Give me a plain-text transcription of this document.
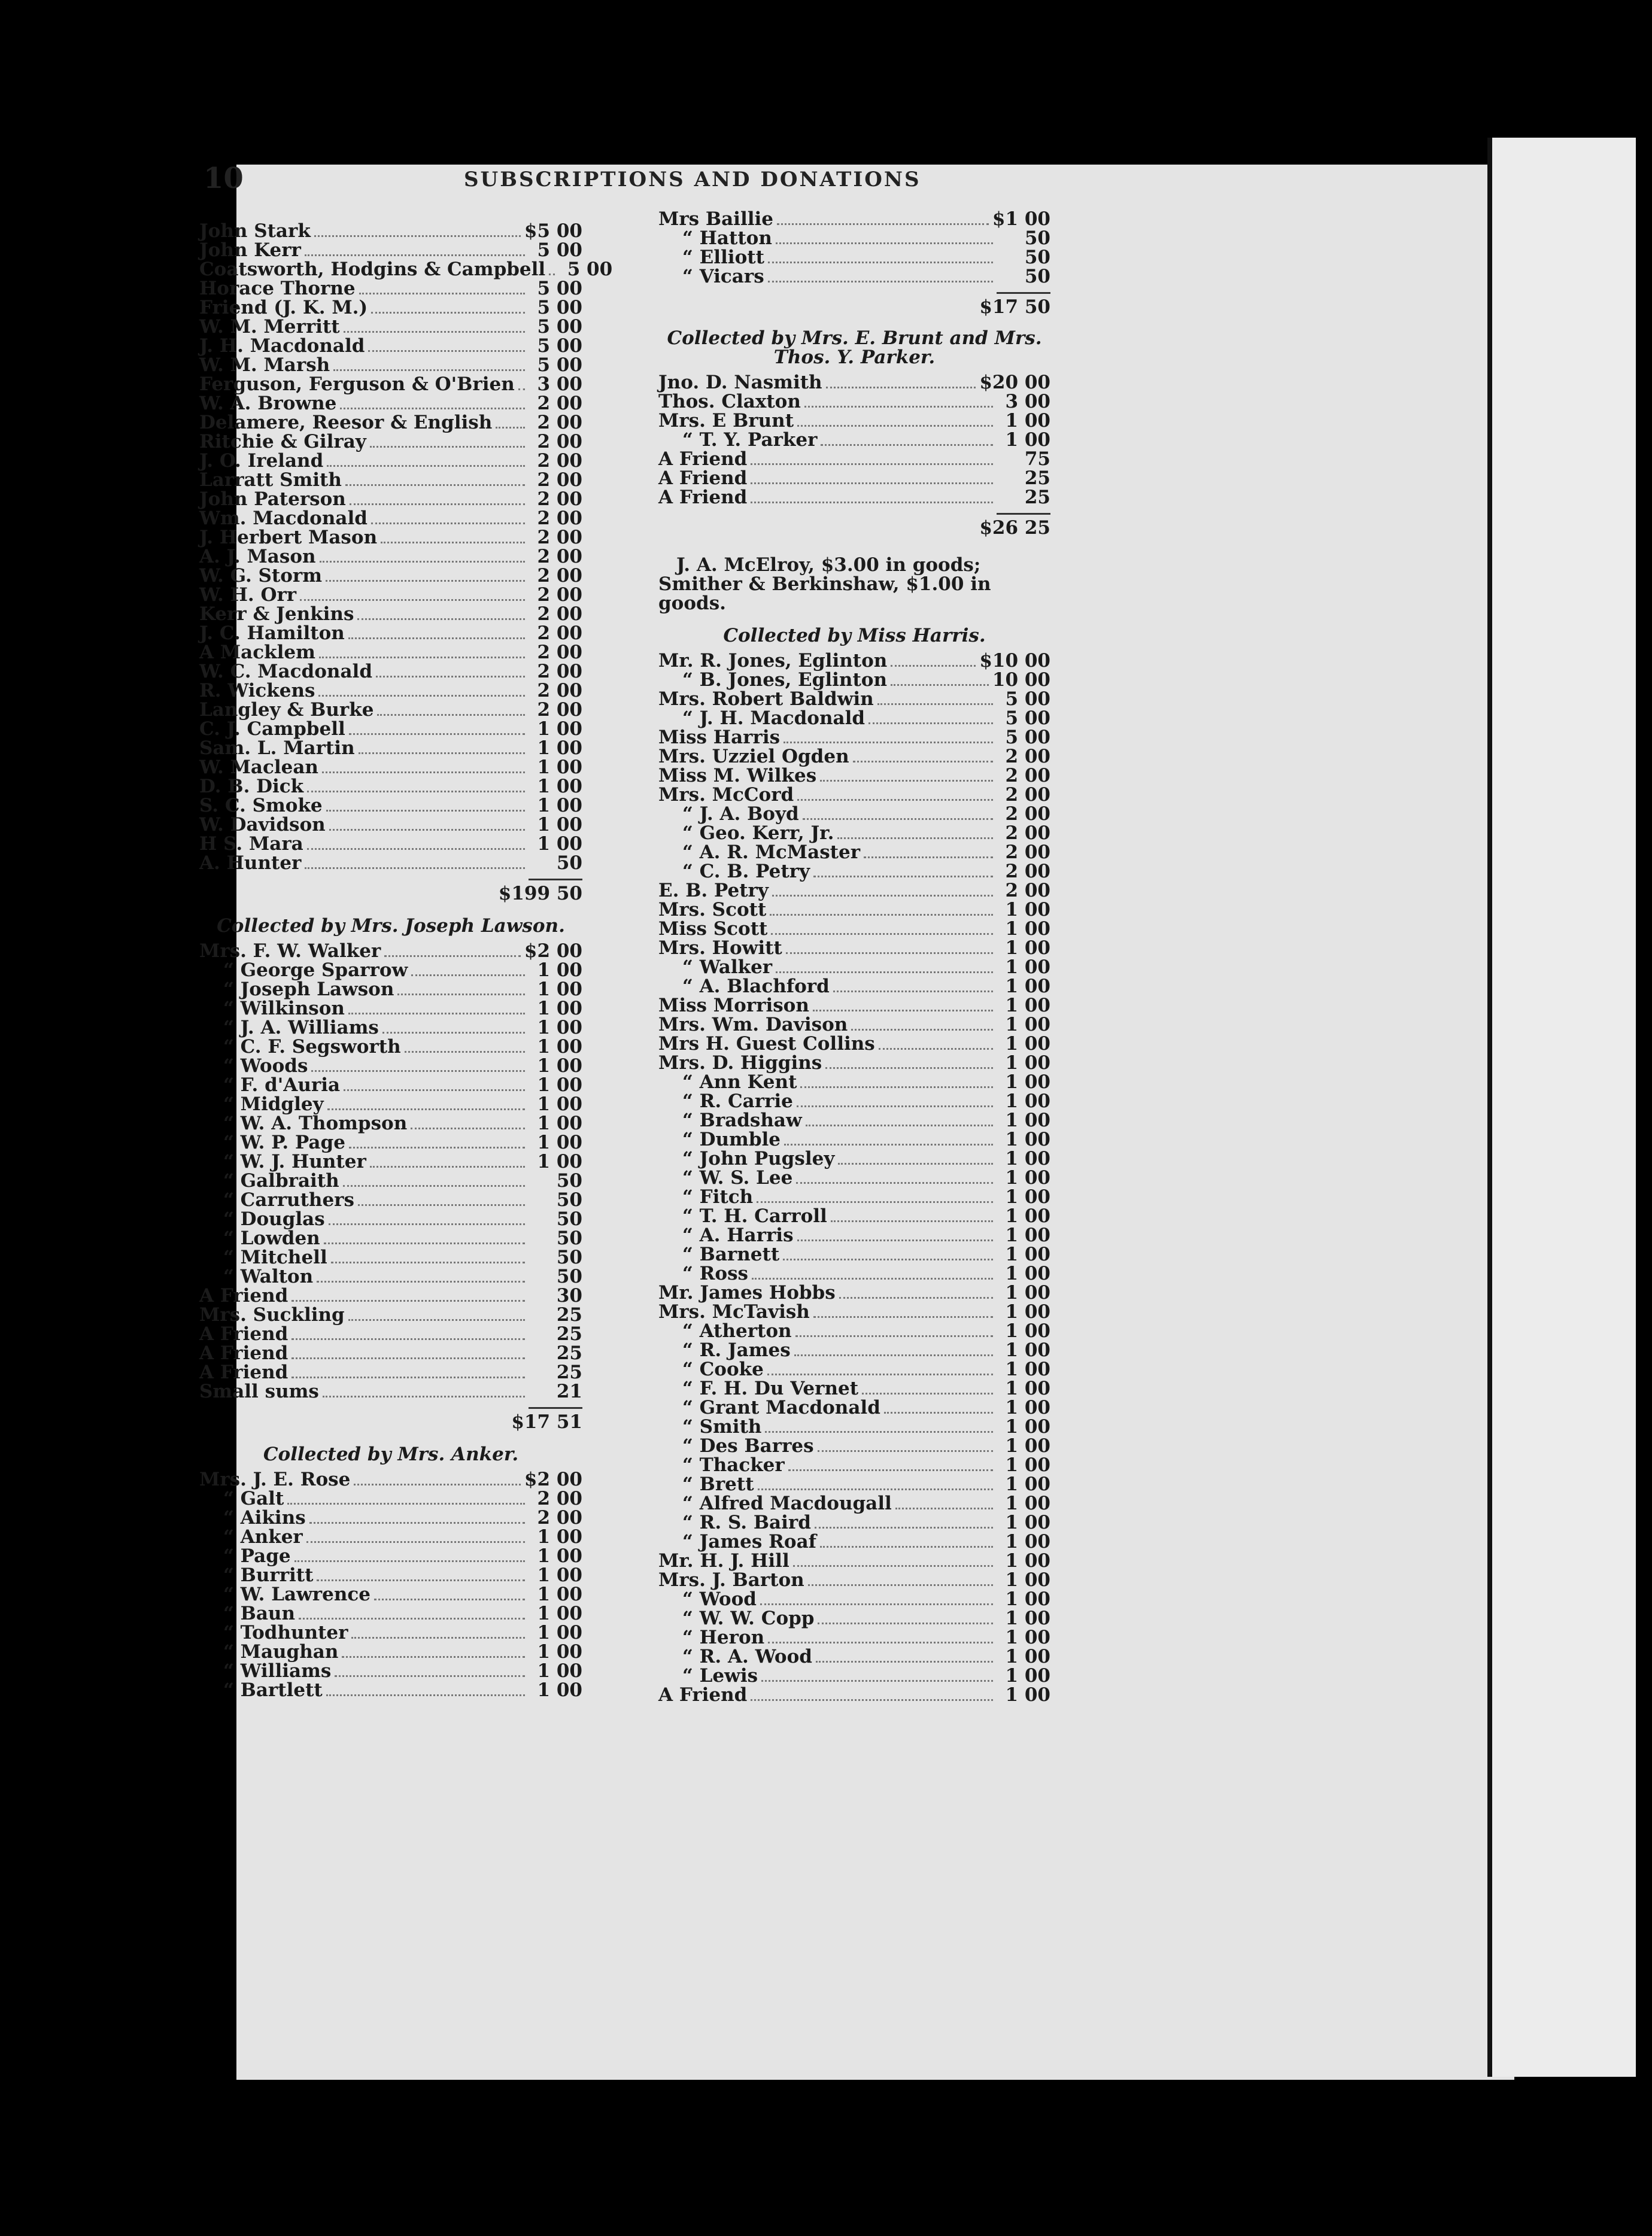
10	SUBSCRIPTIONS AND DONATIONS
John Stark	$5 00
John Kerr	5 00
Coatsworth, Hodgins & Campbell	5 00
Horace Thorne	5 00
Friend (J. K. M.)	5 00
W. M. Merritt	5 00
J. H. Macdonald	5 00
W. M. Marsh	5 00
Ferguson, Ferguson & O'Brien	3 00
W. A. Browne	2 00
Delamere, Reesor & English	2 00
Ritchie & Gilray	2 00
J. O. Ireland	2 00
Larratt Smith	2 00
John Paterson	2 00
Wm. Macdonald	2 00
J. Herbert Mason	2 00
A. J. Mason	2 00
W. G. Storm	2 00
W. H. Orr	2 00
Kerr & Jenkins	2 00
J. C. Hamilton	2 00
A Macklem	2 00
W. C. Macdonald	2 00
R. Wickens	2 00
Langley & Burke	2 00
C. J. Campbell	1 00
Sam. L. Martin	1 00
W. Maclean	1 00
D. B. Dick	1 00
S. C. Smoke	1 00
W. Davidson	1 00
H S. Mara	1 00
A. Hunter	50
$199 50
Collected by Mrs. Joseph Lawson.
Mrs. F. W. Walker	$2 00
“ George Sparrow	1 00
“ Joseph Lawson	1 00
“ Wilkinson	1 00
“ J. A. Williams	1 00
“ C. F. Segsworth	1 00
“ Woods	1 00
“ F. d'Auria	1 00
“ Midgley	1 00
“ W. A. Thompson	1 00
“ W. P. Page	1 00
“ W. J. Hunter	1 00
“ Galbraith	50
“ Carruthers	50
“ Douglas	50
“ Lowden	50
“ Mitchell	50
“ Walton	50
A Friend	30
Mrs. Suckling	25
A Friend	25
A Friend	25
A Friend	25
Small sums	21
$17 51
Collected by Mrs. Anker.
Mrs. J. E. Rose	$2 00
“ Galt	2 00
“ Aikins	2 00
“ Anker	1 00
“ Page	1 00
“ Burritt	1 00
“ W. Lawrence	1 00
“ Baun	1 00
“ Todhunter	1 00
“ Maughan	1 00
“ Williams	1 00
“ Bartlett	1 00
Mrs Baillie	$1 00
“ Hatton	50
“ Elliott	50
“ Vicars	50
$17 50
Collected by Mrs. E. Brunt and Mrs. Thos. Y. Parker.
Jno. D. Nasmith	$20 00
Thos. Claxton	3 00
Mrs. E Brunt	1 00
“ T. Y. Parker	1 00
A Friend	75
A Friend	25
A Friend	25
$26 25
J. A. McElroy, $3.00 in goods; Smither & Berkinshaw, $1.00 in goods.
Collected by Miss Harris.
Mr. R. Jones, Eglinton	$10 00
“ B. Jones, Eglinton	10 00
Mrs. Robert Baldwin	5 00
“ J. H. Macdonald	5 00
Miss Harris	5 00
Mrs. Uzziel Ogden	2 00
Miss M. Wilkes	2 00
Mrs. McCord	2 00
“ J. A. Boyd	2 00
“ Geo. Kerr, Jr.	2 00
“ A. R. McMaster	2 00
“ C. B. Petry	2 00
E. B. Petry	2 00
Mrs. Scott	1 00
Miss Scott	1 00
Mrs. Howitt	1 00
“ Walker	1 00
“ A. Blachford	1 00
Miss Morrison	1 00
Mrs. Wm. Davison	1 00
Mrs H. Guest Collins	1 00
Mrs. D. Higgins	1 00
“ Ann Kent	1 00
“ R. Carrie	1 00
“ Bradshaw	1 00
“ Dumble	1 00
“ John Pugsley	1 00
“ W. S. Lee	1 00
“ Fitch	1 00
“ T. H. Carroll	1 00
“ A. Harris	1 00
“ Barnett	1 00
“ Ross	1 00
Mr. James Hobbs	1 00
Mrs. McTavish	1 00
“ Atherton	1 00
“ R. James	1 00
“ Cooke	1 00
“ F. H. Du Vernet	1 00
“ Grant Macdonald	1 00
“ Smith	1 00
“ Des Barres	1 00
“ Thacker	1 00
“ Brett	1 00
“ Alfred Macdougall	1 00
“ R. S. Baird	1 00
“ James Roaf	1 00
Mr. H. J. Hill	1 00
Mrs. J. Barton	1 00
“ Wood	1 00
“ W. W. Copp	1 00
“ Heron	1 00
“ R. A. Wood	1 00
“ Lewis	1 00
A Friend	1 00
